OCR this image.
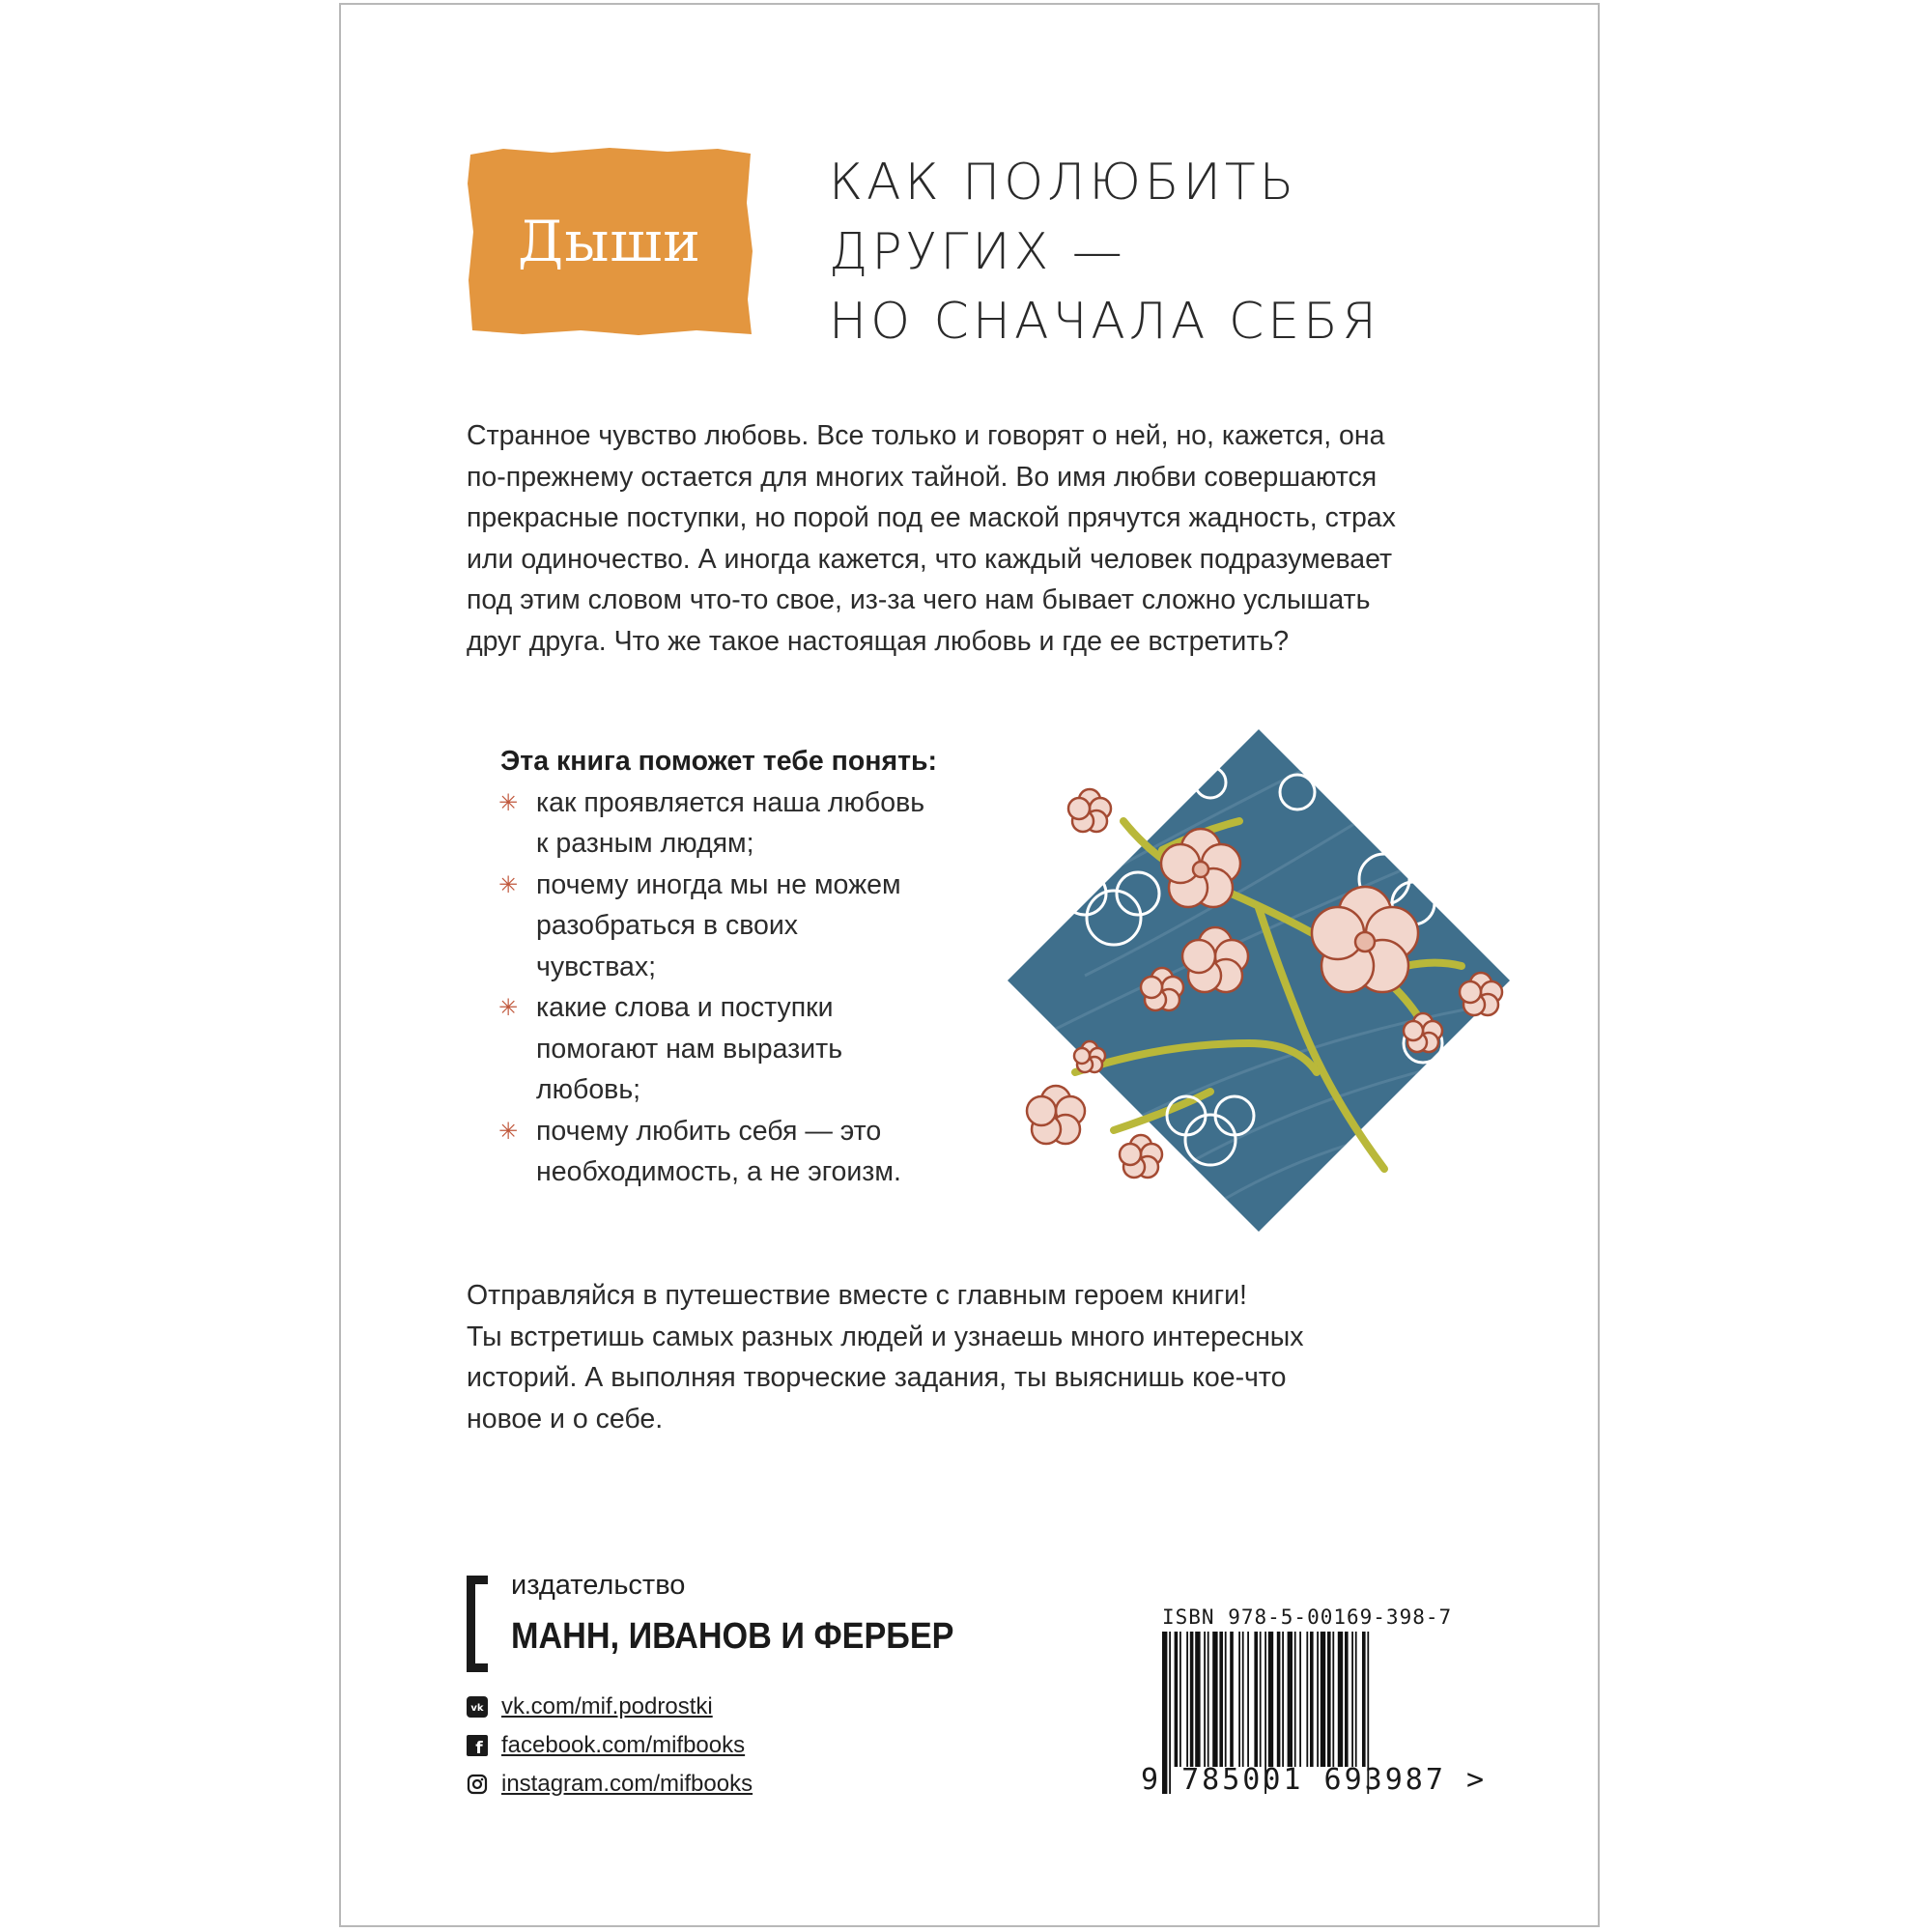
Дыши
КАК ПОЛЮБИТЬ
ДРУГИХ —
НО СНАЧАЛА СЕБЯ
Странное чувство любовь. Все только и говорят о ней, но, кажется, она
по-прежнему остается для многих тайной. Во имя любви совершаются
прекрасные поступки, но порой под ее маской прячутся жадность, страх
или одиночество. А иногда кажется, что каждый человек подразумевает
под этим словом что-то свое, из-за чего нам бывает сложно услышать
друг друга. Что же такое настоящая любовь и где ее встретить?
Эта книга поможет тебе понять:
✳ как проявляется наша любовь
к разным людям;
✳ почему иногда мы не можем
разобраться в своих
чувствах;
✳ какие слова и поступки
помогают нам выразить
любовь;
✳ почему любить себя — это
необходимость, а не эгоизм.
Отправляйся в путешествие вместе с главным героем книги!
Ты встретишь самых разных людей и узнаешь много интересных
историй. А выполняя творческие задания, ты выяснишь кое-что
новое и о себе.
издательство
МАНН, ИВАНОВ И ФЕРБЕР
vk vk.com/mif.podrostki
f facebook.com/mifbooks
instagram.com/mifbooks
ISBN 978-5-00169-398-7
9 785001 693987 >
